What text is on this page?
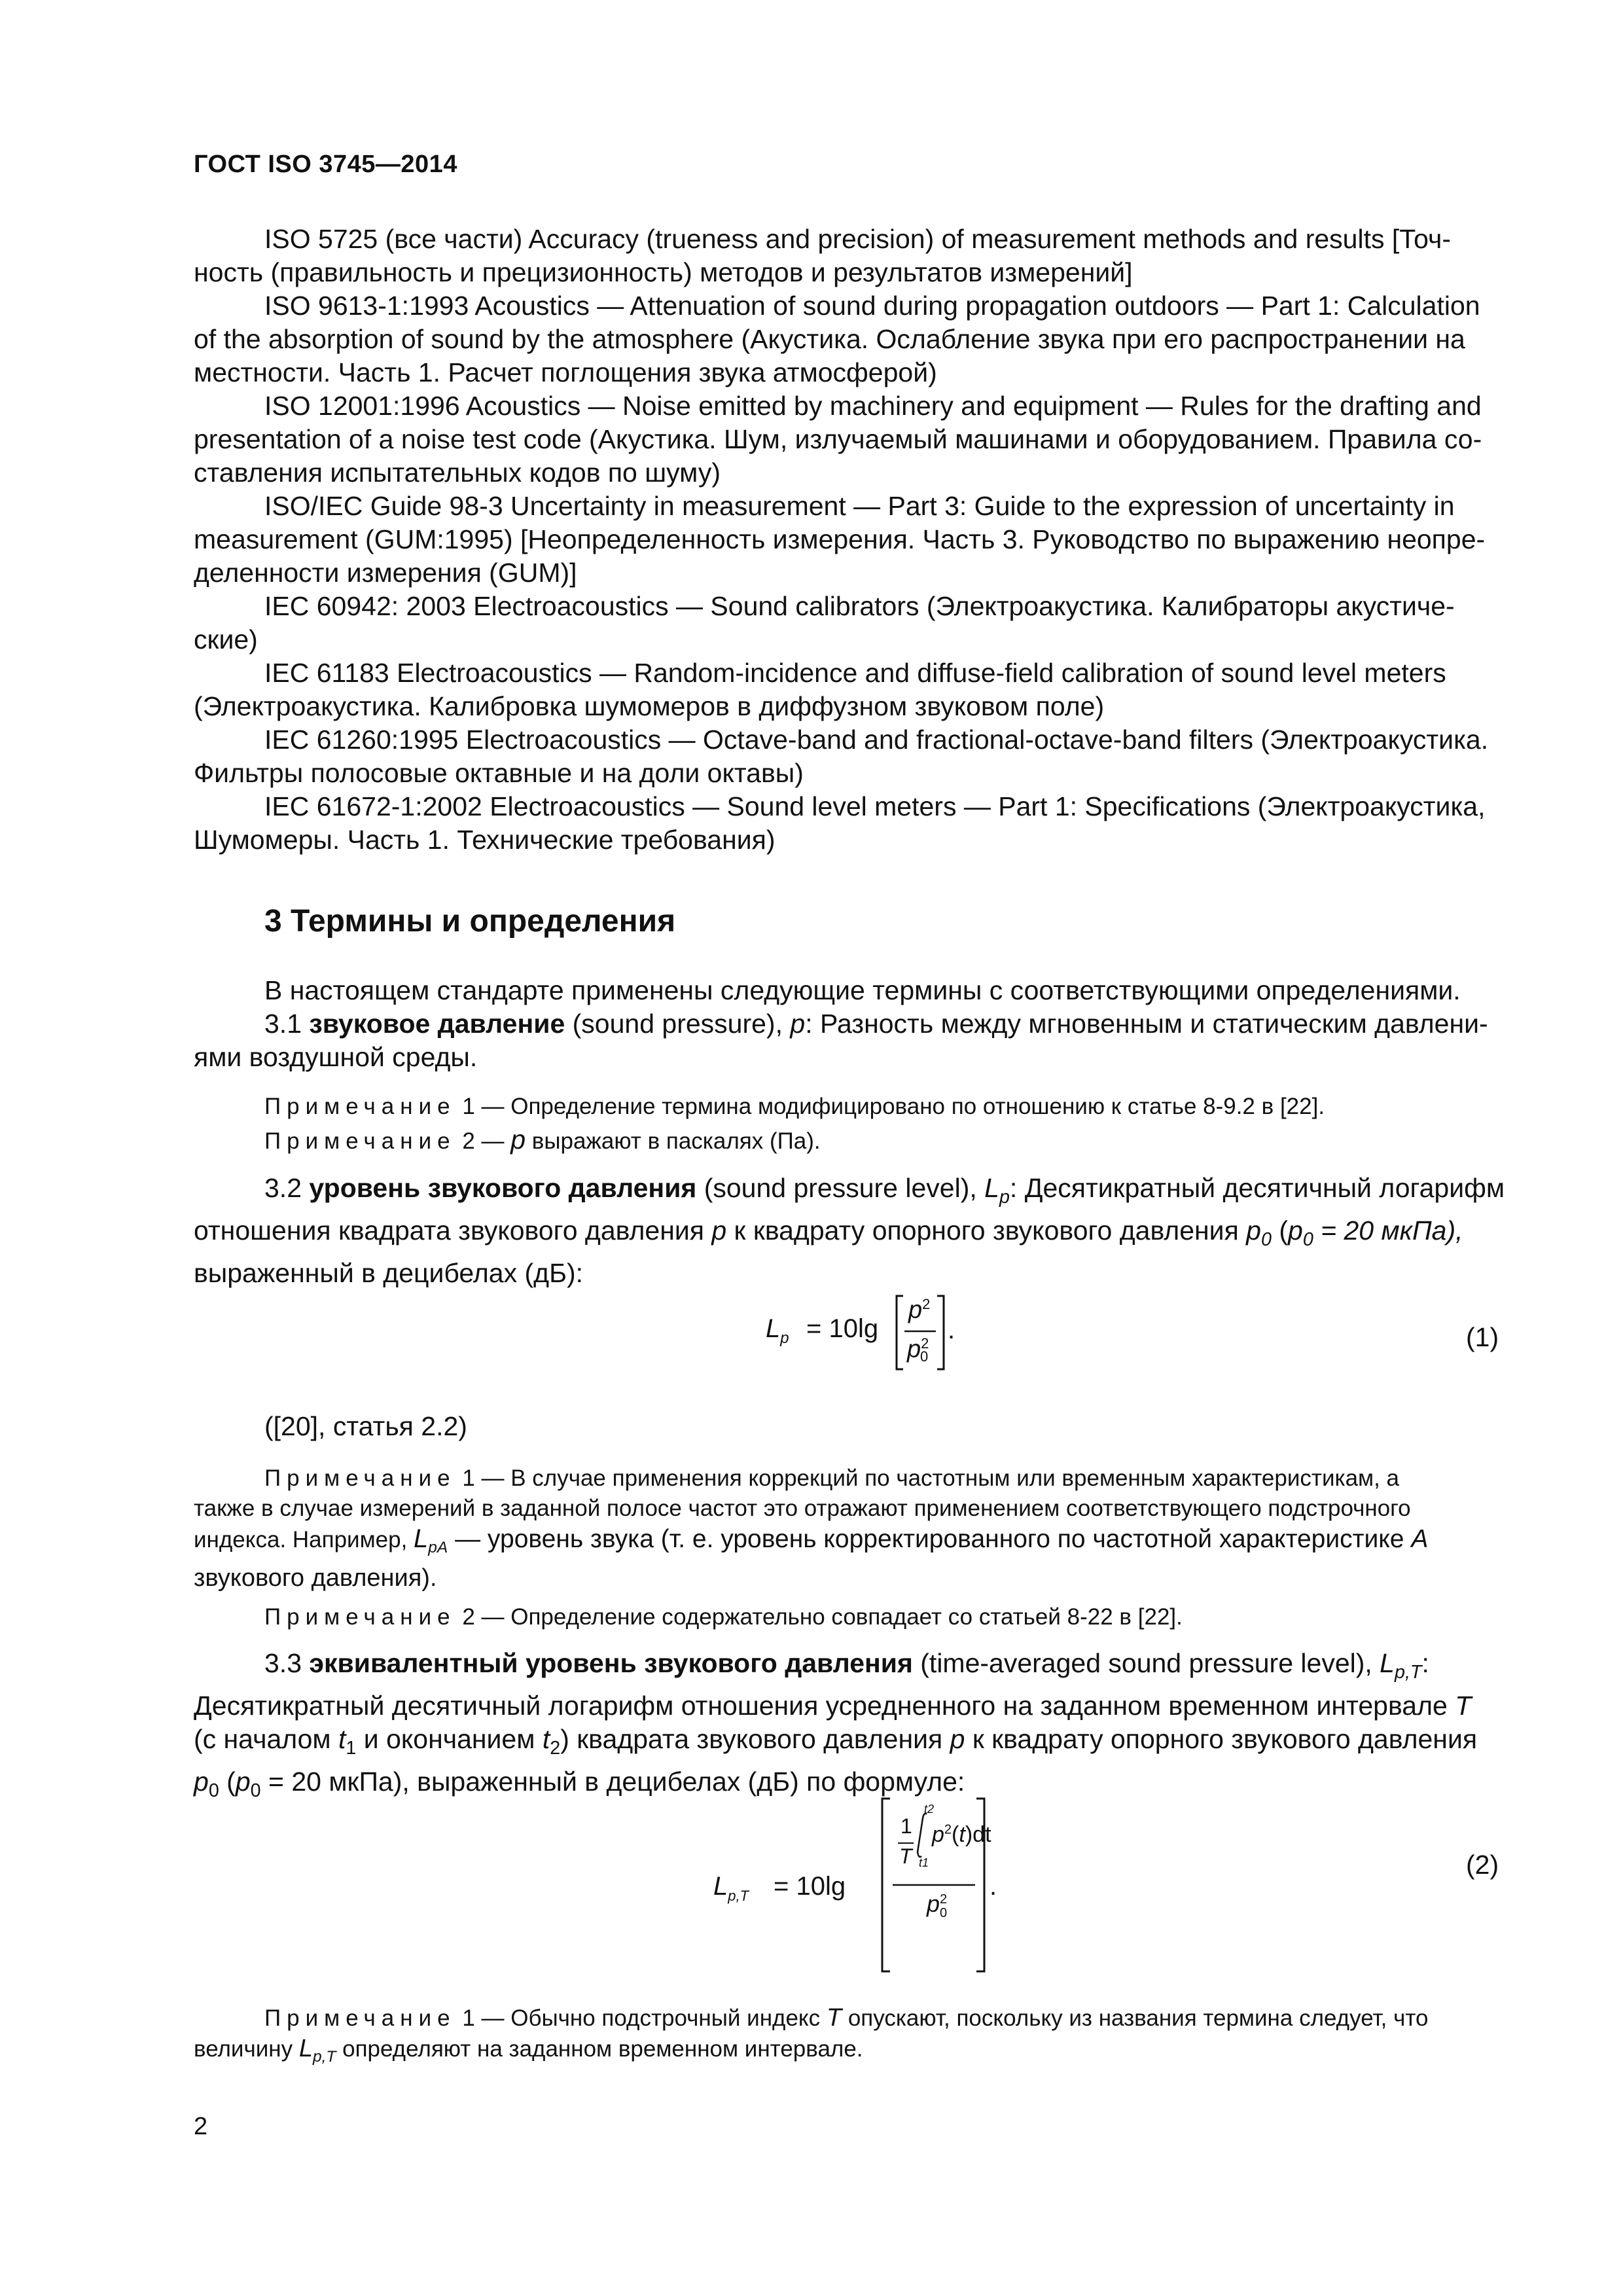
ГОСТ ISO 3745—2014

ISO 5725 (все части) Accuracy (trueness and precision) of measurement methods and results [Точ-
ность (правильность и прецизионность) методов и результатов измерений]

ISO 9613-1:1993 Acoustics — Attenuation of sound during propagation outdoors — Part 1: Calculation
of the absorption of sound by the atmosphere (Акустика. Ослабление звука при его распространении на
местности. Часть 1. Расчет поглощения звука атмосферой)

ISO 12001:1996 Acoustics — Noise emitted by machinery and equipment — Rules for the drafting and
presentation of a noise test code (Акустика. Шум, излучаемый машинами и оборудованием. Правила со-
ставления испытательных кодов по шуму)

ISO/IEC Guide 98-3 Uncertainty in measurement — Part 3: Guide to the expression of uncertainty in
measurement (GUM:1995) [Неопределенность измерения. Часть 3. Руководство по выражению неопре-
деленности измерения (GUM)]

IEC 60942: 2003 Electroacoustics — Sound calibrators (Электроакустика. Калибраторы акустиче-
ские)

IEC 61183 Electroacoustics — Random-incidence and diffuse-field calibration of sound level meters
(Электроакустика. Калибровка шумомеров в диффузном звуковом поле)

IEC 61260:1995 Electroacoustics — Octave-band and fractional-octave-band filters (Электроакустика.
Фильтры полосовые октавные и на доли октавы)

IEC 61672-1:2002 Electroacoustics — Sound level meters — Part 1: Specifications (Электроакустика,
Шумомеры. Часть 1. Технические требования)

3 Термины и определения

В настоящем стандарте применены следующие термины с соответствующими определениями.

3.1 звуковое давление (sound pressure), p: Разность между мгновенным и статическим давлени-
ями воздушной среды.

Примечание 1 — Определение термина модифицировано по отношению к статье 8-9.2 в [22].
Примечание 2 — p выражают в паскалях (Па).

3.2 уровень звукового давления (sound pressure level), $L_p$: Десятикратный десятичный логарифм
отношения квадрата звукового давления p к квадрату опорного звукового давления $p_0$ ($p_0 = 20$ мкПа),
выраженный в децибелах (дБ):

$L_p = 10\lg$
$p^2$
$p^2$
0
.	(1)
([20], статья 2.2)
Примечание 1 — В случае применения коррекций по частотным или временным характеристикам, а
также в случае измерений в заданной полосе частот это отражают применением соответствующего подстрочного
индекса. Например, $L_{pA}$ — уровень звука (т. е. уровень корректированного по частотной характеристике A
звукового давления).
Примечание 2 — Определение содержательно совпадает со статьей 8-22 в [22].

3.3 эквивалентный уровень звукового давления (time-averaged sound pressure level), $L_{p,T}$:
Десятикратный десятичный логарифм отношения усредненного на заданном временном интервале T
(с началом $t_1$ и окончанием $t_2$) квадрата звукового давления p к квадрату опорного звукового давления
$p_0$ ($p_0 = 20$ мкПа), выраженный в децибелах (дБ) по формуле:

$L_{p,T} = 10\lg$
1
T
t2
t1
$p^2(t)dt$
$p^2$
0
.
(2)
Примечание 1 — Обычно подстрочный индекс T опускают, поскольку из названия термина следует, что
величину $L_{p,T}$ определяют на заданном временном интервале.
2
